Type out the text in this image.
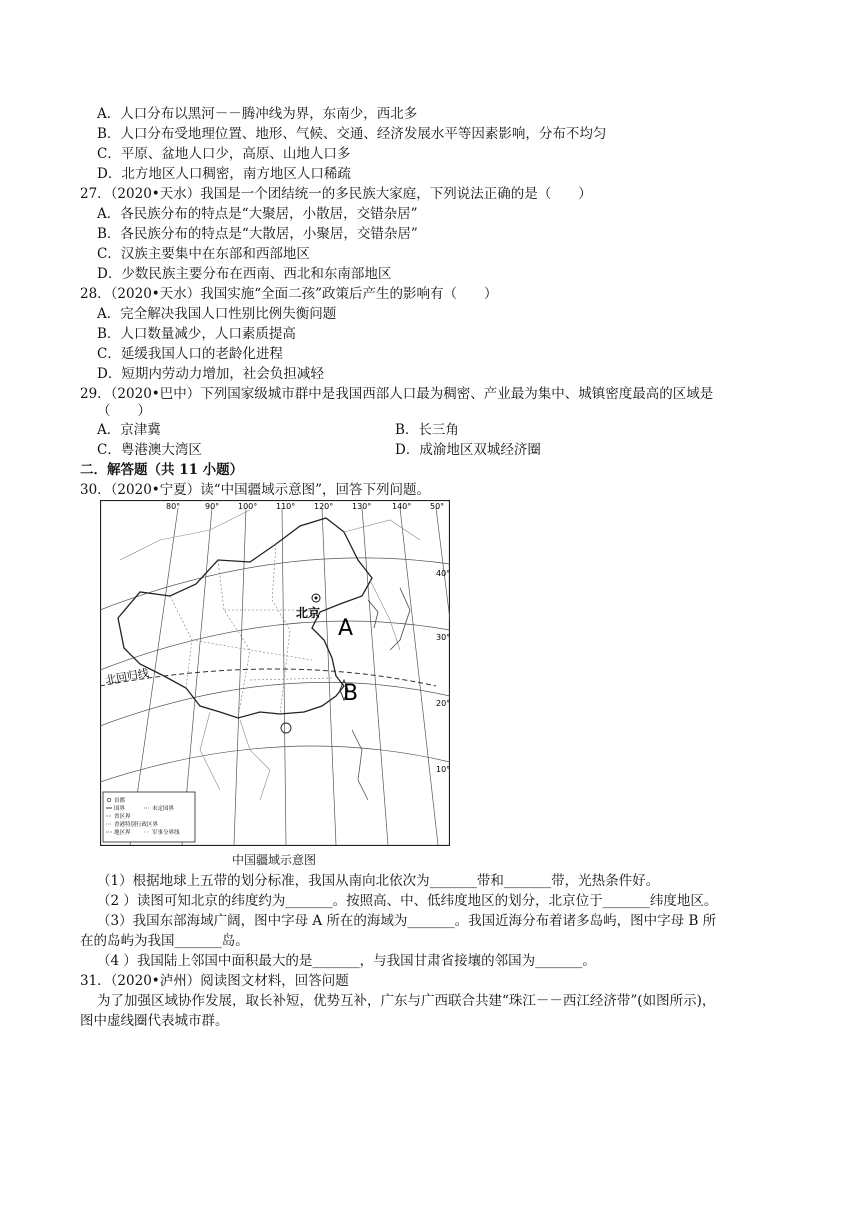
A．人口分布以黑河－－腾冲线为界，东南少，西北多
B．人口分布受地理位置、地形、气候、交通、经济发展水平等因素影响，分布不均匀
C．平原、盆地人口少，高原、山地人口多
D．北方地区人口稠密，南方地区人口稀疏
27．（2020•天水）我国是一个团结统一的多民族大家庭，下列说法正确的是（　　）
A．各民族分布的特点是“大聚居，小散居，交错杂居”
B．各民族分布的特点是“大散居，小聚居，交错杂居”
C．汉族主要集中在东部和西部地区
D．少数民族主要分布在西南、西北和东南部地区
28．（2020•天水）我国实施“全面二孩”政策后产生的影响有（　　）
A．完全解决我国人口性别比例失衡问题
B．人口数量减少，人口素质提高
C．延缓我国人口的老龄化进程
D．短期内劳动力增加，社会负担减轻
29．（2020•巴中）下列国家级城市群中是我国西部人口最为稠密、产业最为集中、城镇密度最高的区域是
（　　）
A．京津冀	B．长三角
C．粤港澳大湾区	D．成渝地区双城经济圈
二．解答题（共 11 小题）
30．（2020•宁夏）读“中国疆域示意图”，回答下列问题。
北京
A
B
北回归线
80°	90° 100° 110° 120° 130°	140° 50°
40°
30°
20°
10°
首都
国界	未定国界
省区界
香港特别行政区界
地区界	军事分界线
中国疆域示意图
（1）根据地球上五带的划分标准，我国从南向北依次为_______带和_______带，光热条件好。
（2 ）读图可知北京的纬度约为_______。按照高、中、低纬度地区的划分，北京位于_______纬度地区。
（3）我国东部海域广阔，图中字母 A 所在的海域为_______。我国近海分布着诸多岛屿，图中字母 B 所
在的岛屿为我国_______岛。
（4 ）我国陆上邻国中面积最大的是_______，与我国甘肃省接壤的邻国为_______。
31．（2020•泸州）阅读图文材料，回答问题
为了加强区域协作发展，取长补短，优势互补，广东与广西联合共建“珠江－－西江经济带”(如图所示)，
图中虚线圈代表城市群。
